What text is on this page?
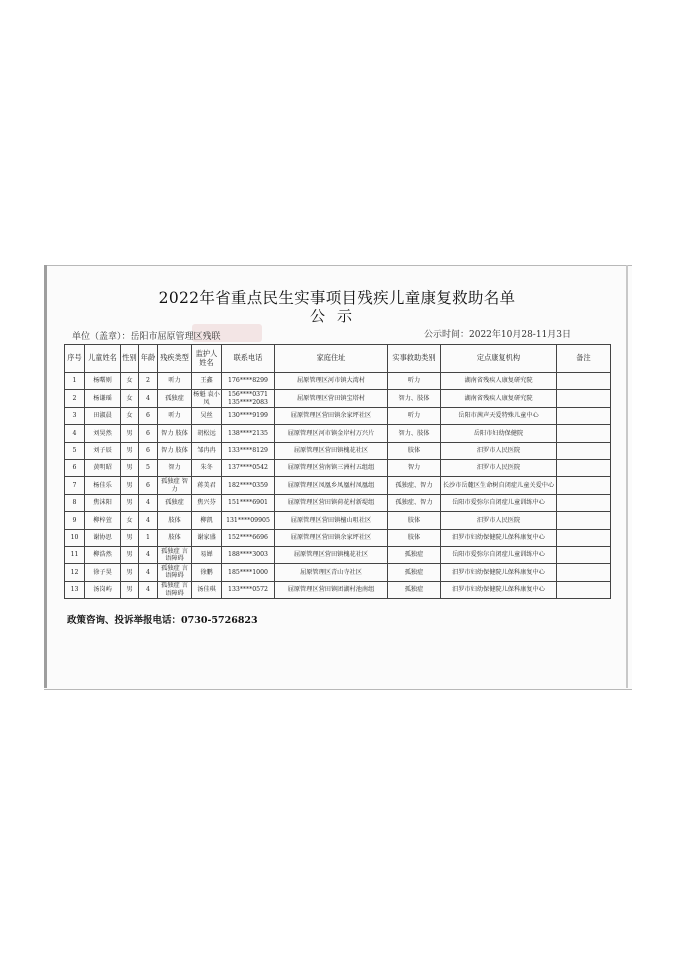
2022年省重点民生实事项目残疾儿童康复救助名单
公示
单位（盖章）：岳阳市屈原管理区残联	公示时间：2022年10月28-11月3日
序号	儿童姓名	性别	年龄	残疾类型	监护人姓名	联系电话	家庭住址	实事救助类别	定点康复机构	备注
1	杨曙则	女	2	听力	王鑫	176****8299	屈原管理区河市镇大湾村	听力	湖南省残疾人康复研究院	
2	杨谦瑶	女	4	孤独症	杨魁 袁小凤	156****0371 135****2083	屈原管理区营田镇宝塔村	智力、肢体	湖南省残疾人康复研究院	
3	田淑晨	女	6	听力	吴丝	130****9199	屈原管理区营田镇余家坪社区	听力	岳阳市茜声天爱特殊儿童中心	
4	刘昊然	男	6	智力 肢体	胡松远	138****2135	屈原管理区河市镇金岸村万兴片	智力、肢体	岳阳市妇幼保健院	
5	刘子辰	男	6	智力 肢体	邹冉冉	133****8129	屈原管理区营田镇槐花社区	肢体	汨罗市人民医院	
6	黄明昭	男	5	智力	朱冬	137****0542	屈原管理区营南镇三洲村五组组	智力	汨罗市人民医院	
7	杨佳乐	男	6	孤独症 智力	蒋美君	182****0359	屈原管理区凤凰乡凤凰村凤凰组	孤独症、智力	长沙市岳麓区生命树自闭症儿童关爱中心	
8	焦沫阳	男	4	孤独症	焦兴芬	151****6901	屈原管理区营田镇荷花村新堤组	孤独症、智力	岳阳市爱弥尔自闭症儿童训练中心	
9	柳梓萱	女	4	肢体	柳凯	131****09905	屈原管理区营田镇檀山咀社区	肢体	汨罗市人民医院	
10	谢协思	男	1	肢体	谢家盛	152****6696	屈原管理区营田镇余家坪社区	肢体	汨罗市妇幼保健院儿保科康复中心	
11	柳浩然	男	4	孤独症 言语障碍	易婵	188****3003	屈原管理区营田镇槐花社区	孤独症	岳阳市爱弥尔自闭症儿童训练中心	
12	徐子昊	男	4	孤独症 言语障碍	徐鹏	185****1000	屈原管理区青山寺社区	孤独症	汨罗市妇幼保健院儿保科康复中心	
13	汤岗屿	男	4	孤独症 言语障碍	汤佳琪	133****0572	屈原管理区营田镇团湖村池南组	孤独症	汨罗市妇幼保健院儿保科康复中心	
政策咨询、投诉举报电话：0730-5726823
